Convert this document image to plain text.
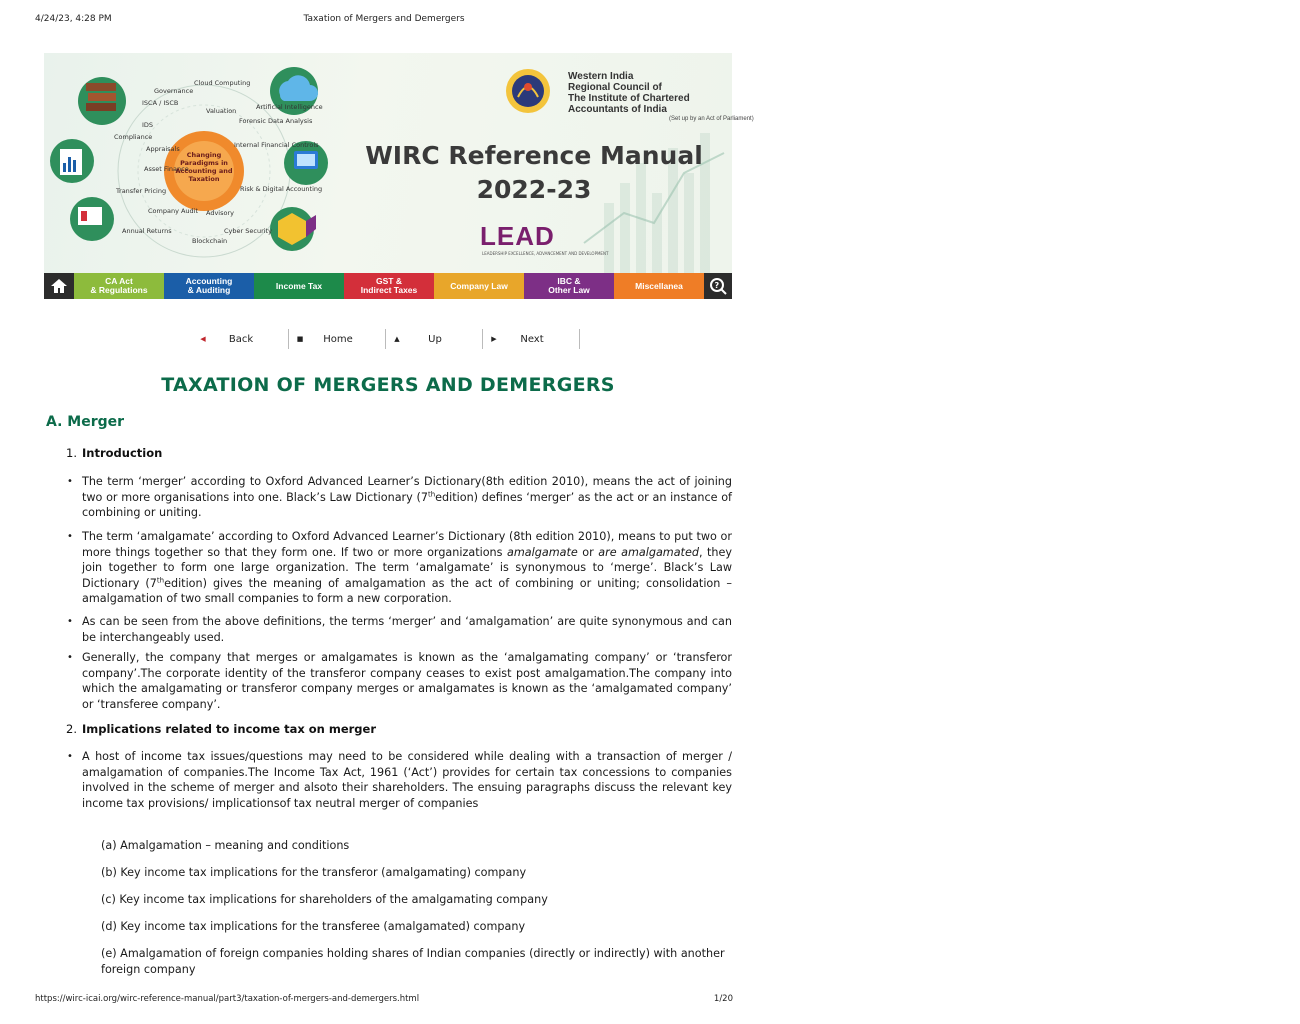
4/24/23, 4:28 PM	Taxation of Mergers and Demergers
Governance
Cloud Computing
ISCA / ISCB
Valuation
Forensic Data Analysis
Artificial Intelligence
IDS
Compliance
Appraisals
Asset Finance
Internal Financial Controls
Transfer Pricing
Company Audit Advisory
Risk & Digital Accounting
Annual Returns
Blockchain
Cyber Security
Changing Paradigms in Accounting and Taxation
Western India
Regional Council of
The Institute of Chartered
Accountants of India
(Set up by an Act of Parliament)
WIRC Reference Manual
2022-23
LEAD
LEADERSHIP EXCELLENCE, ADVANCEMENT AND DEVELOPMENT
CA Act
& Regulations
Accounting
& Auditing	Income Tax	GST &
Indirect Taxes	Company Law	IBC &
Other Law	Miscellanea	?
◀	Back	■	Home	▲	Up	▶	Next
TAXATION OF MERGERS AND DEMERGERS
A. Merger
1. Introduction
• The term ‘merger’ according to Oxford Advanced Learner’s Dictionary(8th edition 2010), means the act of joining two or more organisations into one. Black’s Law Dictionary (7thedition) defines ‘merger’ as the act or an instance of combining or uniting.
• The term ‘amalgamate’ according to Oxford Advanced Learner’s Dictionary (8th edition 2010), means to put two or more things together so that they form one. If two or more organizations amalgamate or are amalgamated, they join together to form one large organization. The term ‘amalgamate’ is synonymous to ‘merge’. Black’s Law Dictionary (7thedition) gives the meaning of amalgamation as the act of combining or uniting; consolidation – amalgamation of two small companies to form a new corporation.
• As can be seen from the above definitions, the terms ‘merger’ and ‘amalgamation’ are quite synonymous and can be interchangeably used.
• Generally, the company that merges or amalgamates is known as the ‘amalgamating company’ or ‘transferor company’.The corporate identity of the transferor company ceases to exist post amalgamation.The company into which the amalgamating or transferor company merges or amalgamates is known as the ‘amalgamated company’ or ‘transferee company’.
2. Implications related to income tax on merger
• A host of income tax issues/questions may need to be considered while dealing with a transaction of merger / amalgamation of companies.The Income Tax Act, 1961 (‘Act’) provides for certain tax concessions to companies involved in the scheme of merger and alsoto their shareholders. The ensuing paragraphs discuss the relevant key income tax provisions/ implicationsof tax neutral merger of companies
(a) Amalgamation – meaning and conditions
(b) Key income tax implications for the transferor (amalgamating) company
(c) Key income tax implications for shareholders of the amalgamating company
(d) Key income tax implications for the transferee (amalgamated) company
(e) Amalgamation of foreign companies holding shares of Indian companies (directly or indirectly) with another foreign company
https://wirc-icai.org/wirc-reference-manual/part3/taxation-of-mergers-and-demergers.html	1/20
